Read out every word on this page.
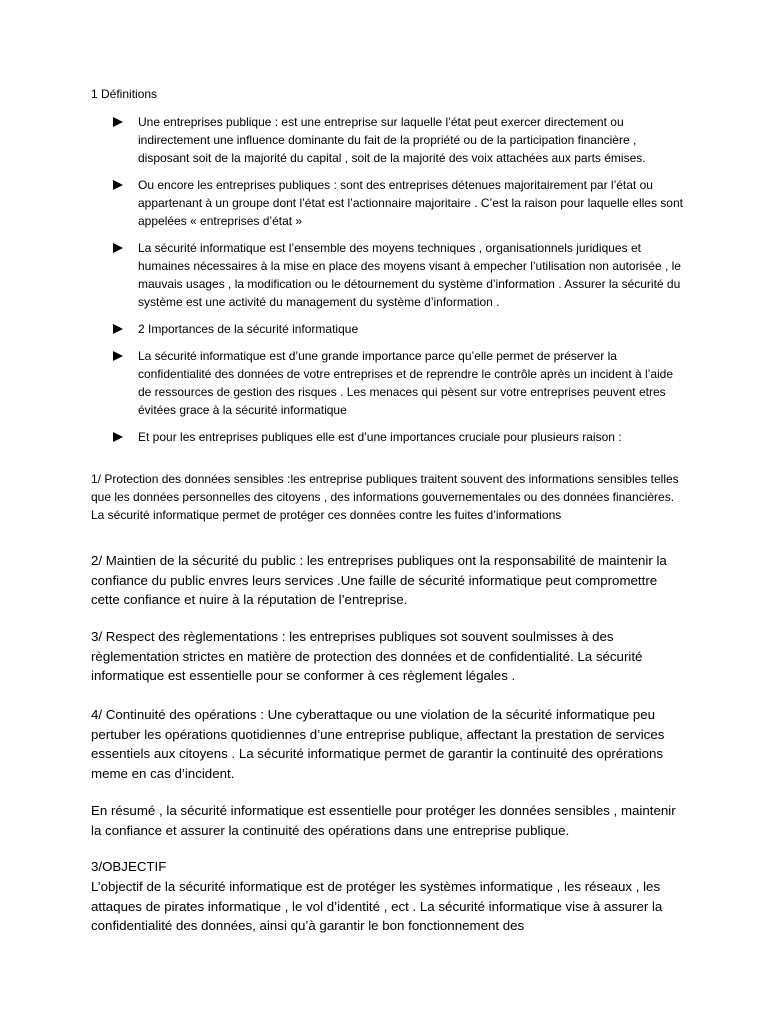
1 Définitions
Une entreprises publique : est une entreprise sur laquelle l’état peut exercer directement ou indirectement une influence dominante du fait de la propriété ou de la participation financière , disposant soit de la majorité du capital , soit de la majorité des voix attachées aux parts émises.
Ou encore les entreprises publiques : sont des entreprises détenues majoritairement par l’état ou appartenant à un groupe dont l’état est l’actionnaire majoritaire . C’est la raison pour laquelle elles sont appelées « entreprises d’état »
La sécurité informatique est l’ensemble des moyens techniques , organisationnels juridiques et humaines nécessaires à la mise en place des moyens visant à empecher l’utilisation non autorisée , le mauvais usages , la modification ou le détournement du système d’information . Assurer la sécurité du système est une activité du management du système d’information .
2 Importances de la sécurité informatique
La sécurité informatique est d’une grande importance parce qu’elle permet de préserver la confidentialité des données de votre entreprises et de reprendre le contrôle après un incident à l’aide de ressources de gestion des risques . Les menaces qui pèsent sur votre entreprises peuvent etres évitées grace à la sécurité informatique
Et pour les entreprises publiques elle est d’une importances cruciale pour plusieurs raison :

1/ Protection des données sensibles :les entreprise publiques traitent souvent des informations sensibles telles que les données personnelles des citoyens , des informations gouvernementales ou des données financières. La sécurité informatique permet de protéger ces données contre les fuites d’informations

2/ Maintien de la sécurité du public : les entreprises publiques ont la responsabilité de maintenir la confiance du public envres leurs services .Une faille de sécurité informatique peut compromettre cette confiance et nuire à la réputation de l’entreprise.

3/ Respect des règlementations : les entreprises publiques sot souvent soulmisses à des règlementation strictes en matière de protection des données et de confidentialité. La sécurité informatique est essentielle pour se conformer à ces règlement légales .

4/ Continuité des opérations : Une cyberattaque ou une violation de la sécurité informatique peu pertuber les opérations quotidiennes d’une entreprise publique, affectant la prestation de services essentiels aux citoyens . La sécurité informatique permet de garantir la continuité des oprérations meme en cas d’incident.

En résumé , la sécurité informatique est essentielle pour protéger les données sensibles , maintenir la confiance et assurer la continuité des opérations dans une entreprise publique.

3/OBJECTIF

L’objectif de la sécurité informatique est de protéger les systèmes informatique , les réseaux , les attaques de pirates informatique , le vol d’identité , ect . La sécurité informatique vise à assurer la confidentialité des données, ainsi qu’à garantir le bon fonctionnement des
